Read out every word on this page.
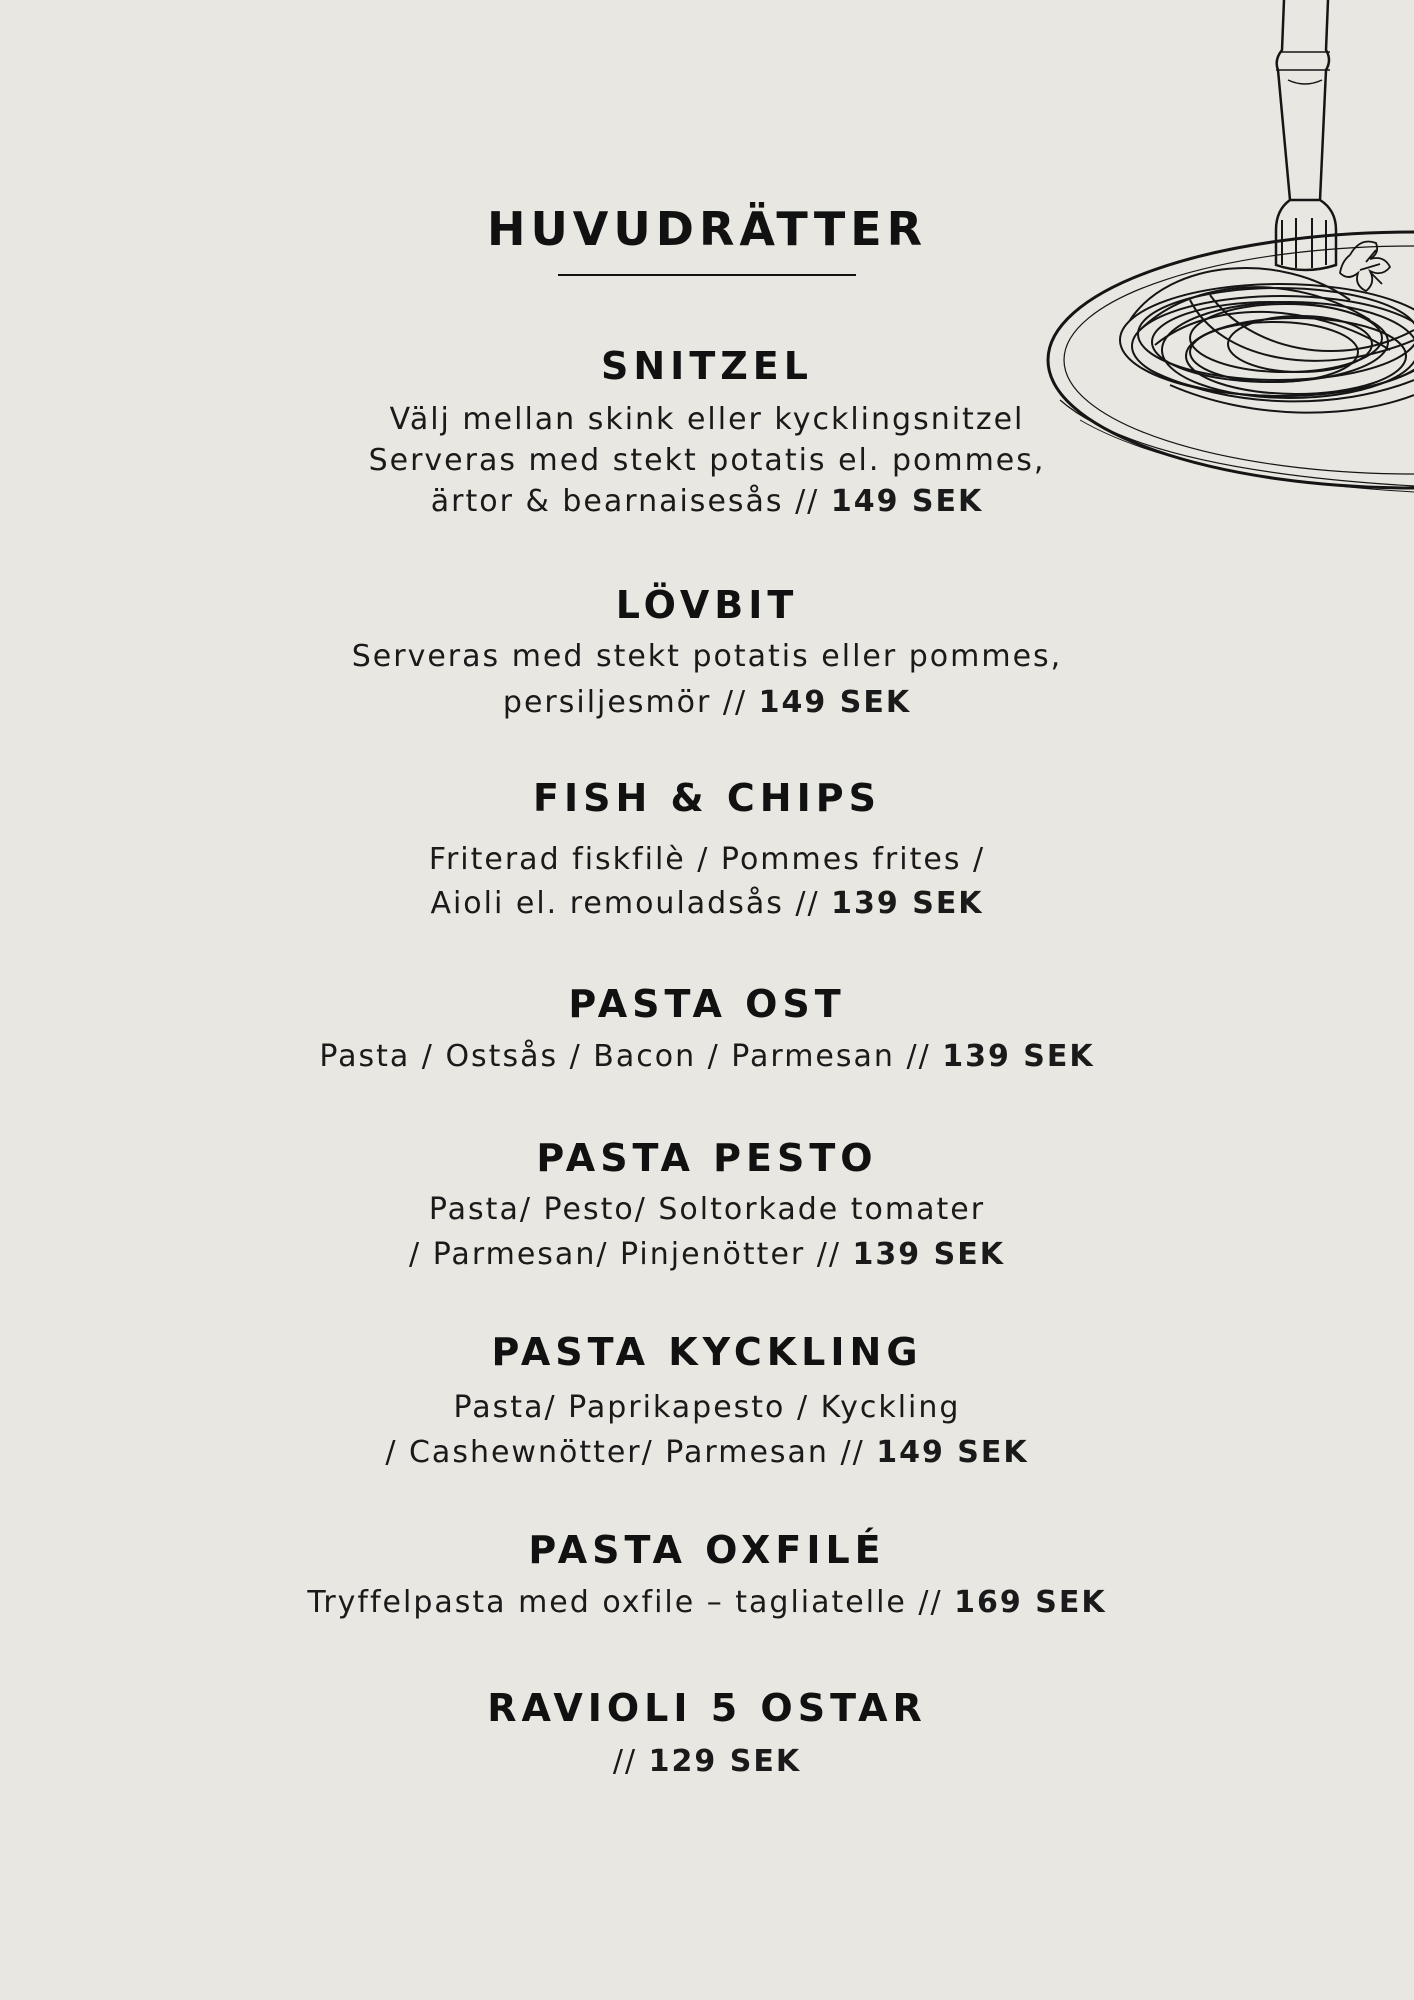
HUVUDRÄTTER
SNITZEL

Välj mellan skink eller kycklingsnitzel
Serveras med stekt potatis el. pommes,
ärtor & bearnaisesås // 149 SEK

LÖVBIT

Serveras med stekt potatis eller pommes,
persiljesmör // 149 SEK

FISH & CHIPS

Friterad fiskfilè / Pommes frites /
Aioli el. remouladsås // 139 SEK

PASTA OST

Pasta / Ostsås / Bacon / Parmesan // 139 SEK

PASTA PESTO

Pasta/ Pesto/ Soltorkade tomater
/ Parmesan/ Pinjenötter // 139 SEK

PASTA KYCKLING

Pasta/ Paprikapesto / Kyckling
/ Cashewnötter/ Parmesan // 149 SEK

PASTA OXFILÉ

Tryffelpasta med oxfile – tagliatelle // 169 SEK

RAVIOLI 5 OSTAR

// 129 SEK
